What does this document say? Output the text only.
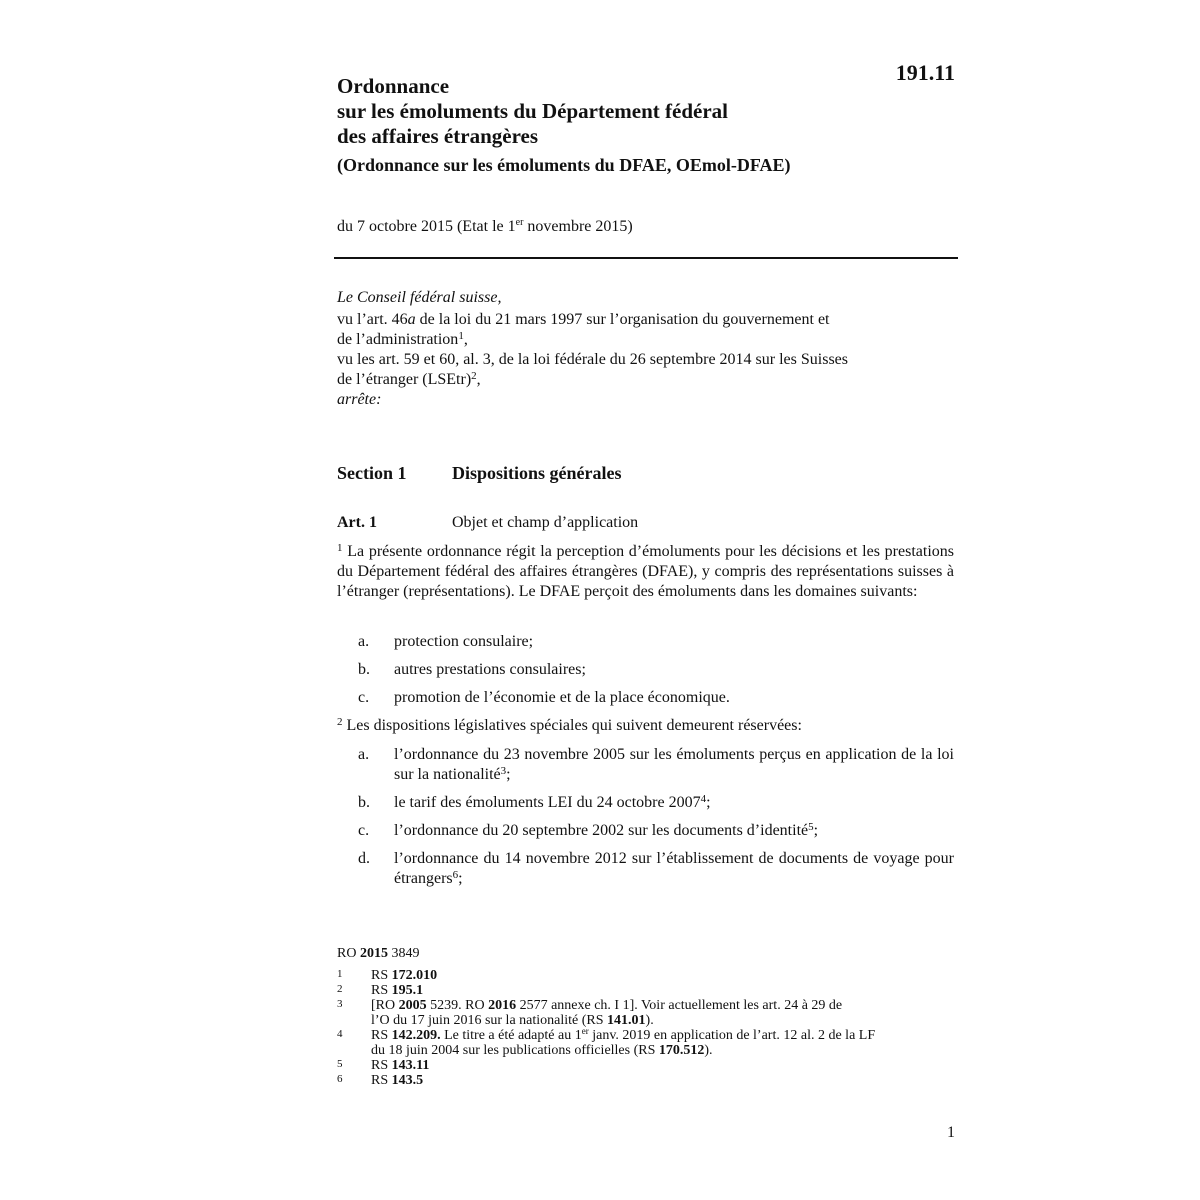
191.11
Ordonnance
sur les émoluments du Département fédéral
des affaires étrangères
(Ordonnance sur les émoluments du DFAE, OEmol-DFAE)
du 7 octobre 2015 (Etat le 1er novembre 2015)

Le Conseil fédéral suisse,

vu l’art. 46a de la loi du 21 mars 1997 sur l’organisation du gouvernement et

de l’administration$^1$,

vu les art. 59 et 60, al. 3, de la loi fédérale du 26 septembre 2014 sur les Suisses

de l’étranger (LSEtr)$^2$,

arrête:

Section 1	Dispositions générales
Art. 1	Objet et champ d’application

$^1$ La présente ordonnance régit la perception d’émoluments pour les décisions et les prestations du Département fédéral des affaires étrangères (DFAE), y compris des représentations suisses à l’étranger (représentations). Le DFAE perçoit des émoluments dans les domaines suivants:

a.	protection consulaire;
b.	autres prestations consulaires;
c.	promotion de l’économie et de la place économique.

$^2$ Les dispositions législatives spéciales qui suivent demeurent réservées:

a.	l’ordonnance du 23 novembre 2005 sur les émoluments perçus en application de la loi sur la nationalité$^3$;
b.	le tarif des émoluments LEI du 24 octobre 2007$^4$;
c.	l’ordonnance du 20 septembre 2002 sur les documents d’identité$^5$;
d.	l’ordonnance du 14 novembre 2012 sur l’établissement de documents de voyage pour étrangers$^6$;
RO 2015 3849
1	RS 172.010
2	RS 195.1
3	[RO 2005 5239. RO 2016 2577 annexe ch. I 1]. Voir actuellement les art. 24 à 29 de
l’O du 17 juin 2016 sur la nationalité (RS 141.01).
4	RS 142.209. Le titre a été adapté au 1er janv. 2019 en application de l’art. 12 al. 2 de la LF
du 18 juin 2004 sur les publications officielles (RS 170.512).
5	RS 143.11
6	RS 143.5
1
